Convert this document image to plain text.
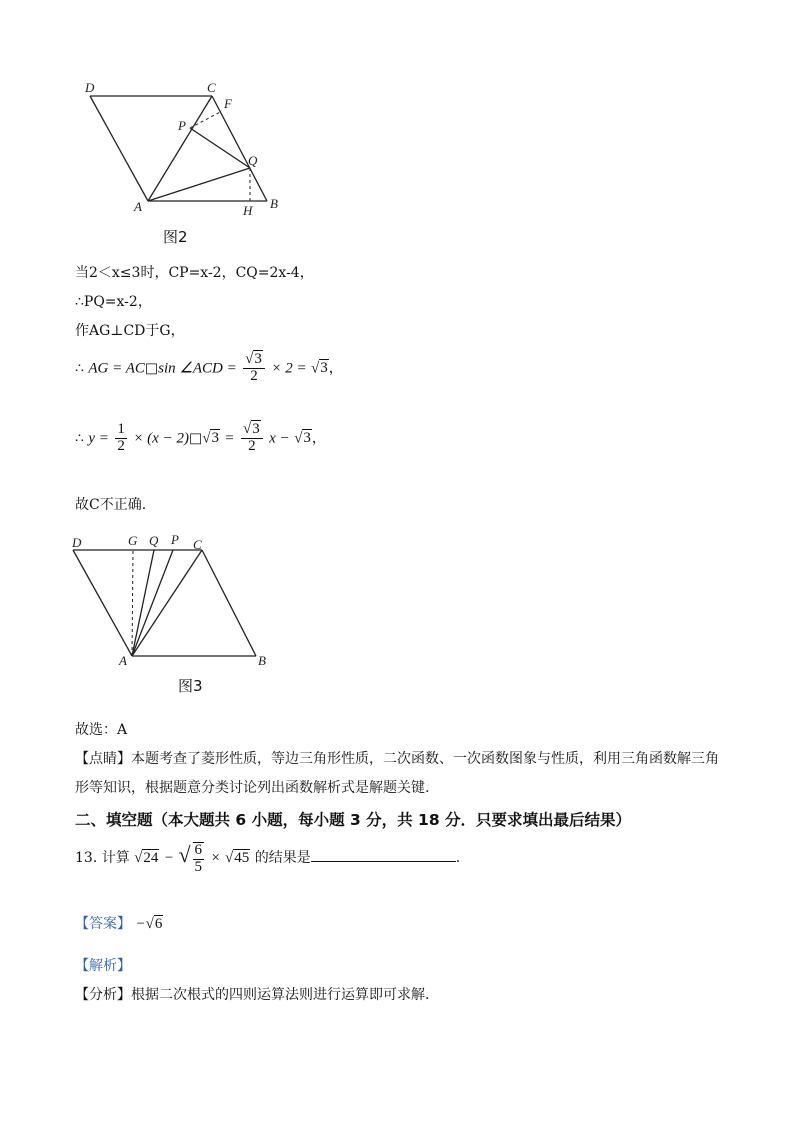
D	C
F
P
Q
A	H B
图2
当2＜x≤3时，CP=x-2，CQ=2x-4，
∴PQ=x-2，
作AG⊥CD于G，
∴ AG = AC□sin ∠ACD = $\frac{√3}{2} \times 2 = √3$，
∴ $y = \frac{1}{2} \times (x$ − 2)□√3 = $\frac{√3}{2}$ x − √3，
故C不正确.
D	G Q P C
A	B
图3
故选：A
【点睛】本题考查了菱形性质，等边三角形性质，二次函数、一次函数图象与性质，利用三角函数解三角
形等知识，根据题意分类讨论列出函数解析式是解题关键.
二、填空题（本大题共 6 小题，每小题 3 分，共 18 分．只要求填出最后结果）
13. 计算 √24 − √ $\frac{6}{5} \times √45$ 的结果是	.
【答案】 −√6
【解析】
【分析】根据二次根式的四则运算法则进行运算即可求解.
